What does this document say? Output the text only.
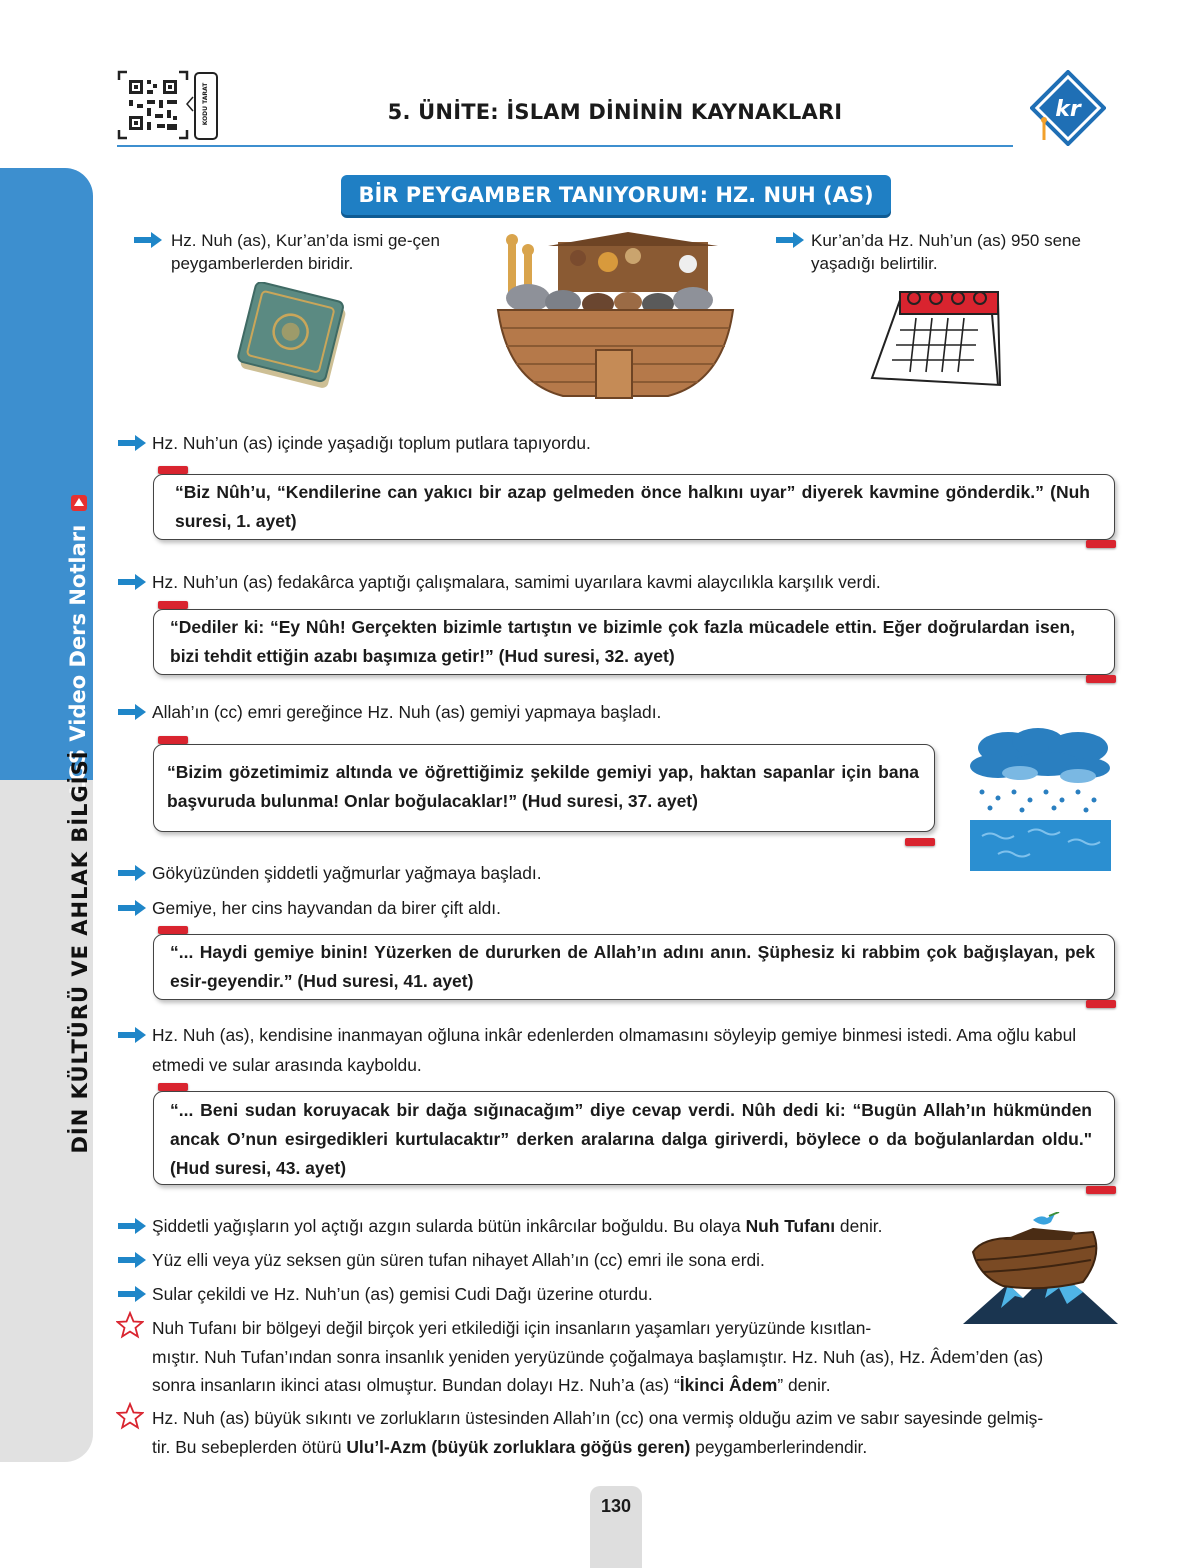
LGS Video Ders Notları
DİN KÜLTÜRÜ VE AHLAK BİLGİSİ
KODU TARAT	5. ÜNİTE: İSLAM DİNİNİN KAYNAKLARI	kr
BİR PEYGAMBER TANIYORUM: HZ. NUH (AS)
Hz. Nuh (as), Kur’an’da ismi ge-çen peygamberlerden biridir.
Kur’an’da Hz. Nuh’un (as) 950 sene yaşadığı belirtilir.
Hz. Nuh’un (as) içinde yaşadığı toplum putlara tapıyordu.
“Biz Nûh’u, “Kendilerine can yakıcı bir azap gelmeden önce halkını uyar” diyerek kavmine gönderdik.” (Nuh suresi, 1. ayet)
Hz. Nuh’un (as) fedakârca yaptığı çalışmalara, samimi uyarılara kavmi alaycılıkla karşılık verdi.
“Dediler ki: “Ey Nûh! Gerçekten bizimle tartıştın ve bizimle çok fazla mücadele ettin. Eğer doğrulardan isen, bizi tehdit ettiğin azabı başımıza getir!” (Hud suresi, 32. ayet)
Allah’ın (cc) emri gereğince Hz. Nuh (as) gemiyi yapmaya başladı.
“Bizim gözetimimiz altında ve öğrettiğimiz şekilde gemiyi yap, haktan sapanlar için bana başvuruda bulunma! Onlar boğulacaklar!” (Hud suresi, 37. ayet)
Gökyüzünden şiddetli yağmurlar yağmaya başladı.
Gemiye, her cins hayvandan da birer çift aldı.
“... Haydi gemiye binin! Yüzerken de dururken de Allah’ın adını anın. Şüphesiz ki rabbim çok bağışlayan, pek esir-geyendir.” (Hud suresi, 41. ayet)
Hz. Nuh (as), kendisine inanmayan oğluna inkâr edenlerden olmamasını söyleyip gemiye binmesi istedi. Ama oğlu kabul etmedi ve sular arasında kayboldu.
“... Beni sudan koruyacak bir dağa sığınacağım” diye cevap verdi. Nûh dedi ki: “Bugün Allah’ın hükmünden ancak O’nun esirgedikleri kurtulacaktır” derken aralarına dalga giriverdi, böylece o da boğulanlardan oldu." (Hud suresi, 43. ayet)
Şiddetli yağışların yol açtığı azgın sularda bütün inkârcılar boğuldu. Bu olaya Nuh Tufanı denir.
Yüz elli veya yüz seksen gün süren tufan nihayet Allah’ın (cc) emri ile sona erdi.
Sular çekildi ve Hz. Nuh’un (as) gemisi Cudi Dağı üzerine oturdu.
Nuh Tufanı bir bölgeyi değil birçok yeri etkilediği için insanların yaşamları yeryüzünde kısıtlan-
mıştır. Nuh Tufan’ından sonra insanlık yeniden yeryüzünde çoğalmaya başlamıştır. Hz. Nuh (as), Hz. Âdem’den (as)
sonra insanların ikinci atası olmuştur. Bundan dolayı Hz. Nuh’a (as) “İkinci Âdem” denir.
Hz. Nuh (as) büyük sıkıntı ve zorlukların üstesinden Allah’ın (cc) ona vermiş olduğu azim ve sabır sayesinde gelmiş-
tir. Bu sebeplerden ötürü Ulu’l-Azm (büyük zorluklara göğüs geren) peygamberlerindendir.
130
